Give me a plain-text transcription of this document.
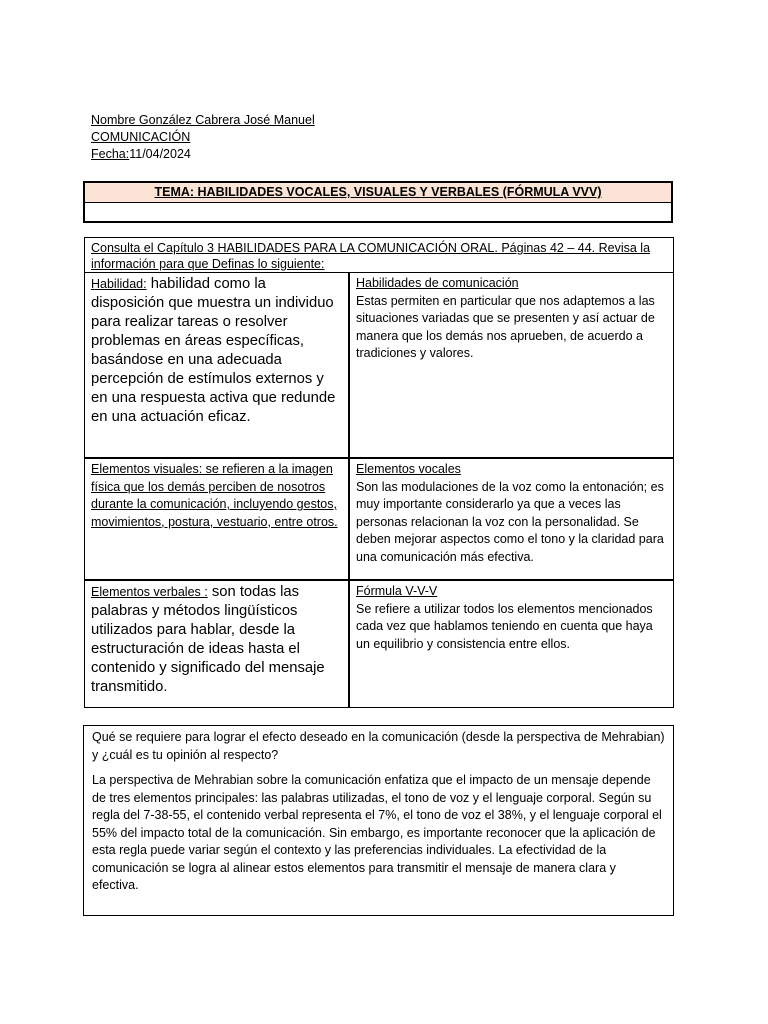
Nombre González Cabrera José Manuel
COMUNICACIÓN
Fecha:11/04/2024
TEMA: HABILIDADES VOCALES, VISUALES Y VERBALES (FÓRMULA VVV)
Consulta el Capítulo 3 HABILIDADES PARA LA COMUNICACIÓN ORAL. Páginas 42 – 44. Revisa la información para que Definas lo siguiente:
Habilidad: habilidad como la disposición que muestra un individuo para realizar tareas o resolver problemas en áreas específicas, basándose en una adecuada percepción de estímulos externos y en una respuesta activa que redunde en una actuación eficaz.
Habilidades de comunicación
Estas permiten en particular que nos adaptemos a las situaciones variadas que se presenten y así actuar de manera que los demás nos aprueben, de acuerdo a tradiciones y valores.
Elementos visuales: se refieren a la imagen física que los demás perciben de nosotros durante la comunicación, incluyendo gestos, movimientos, postura, vestuario, entre otros.
Elementos vocales
Son las modulaciones de la voz como la entonación; es muy importante considerarlo ya que a veces las personas relacionan la voz con la personalidad. Se deben mejorar aspectos como el tono y la claridad para una comunicación más efectiva.
Elementos verbales : son todas las palabras y métodos lingüísticos utilizados para hablar, desde la estructuración de ideas hasta el contenido y significado del mensaje transmitido.
Fórmula V-V-V
Se refiere a utilizar todos los elementos mencionados cada vez que hablamos teniendo en cuenta que haya un equilibrio y consistencia entre ellos.
Qué se requiere para lograr el efecto deseado en la comunicación (desde la perspectiva de Mehrabian) y ¿cuál es tu opinión al respecto?
La perspectiva de Mehrabian sobre la comunicación enfatiza que el impacto de un mensaje depende de tres elementos principales: las palabras utilizadas, el tono de voz y el lenguaje corporal. Según su regla del 7-38-55, el contenido verbal representa el 7%, el tono de voz el 38%, y el lenguaje corporal el 55% del impacto total de la comunicación. Sin embargo, es importante reconocer que la aplicación de esta regla puede variar según el contexto y las preferencias individuales. La efectividad de la comunicación se logra al alinear estos elementos para transmitir el mensaje de manera clara y efectiva.
